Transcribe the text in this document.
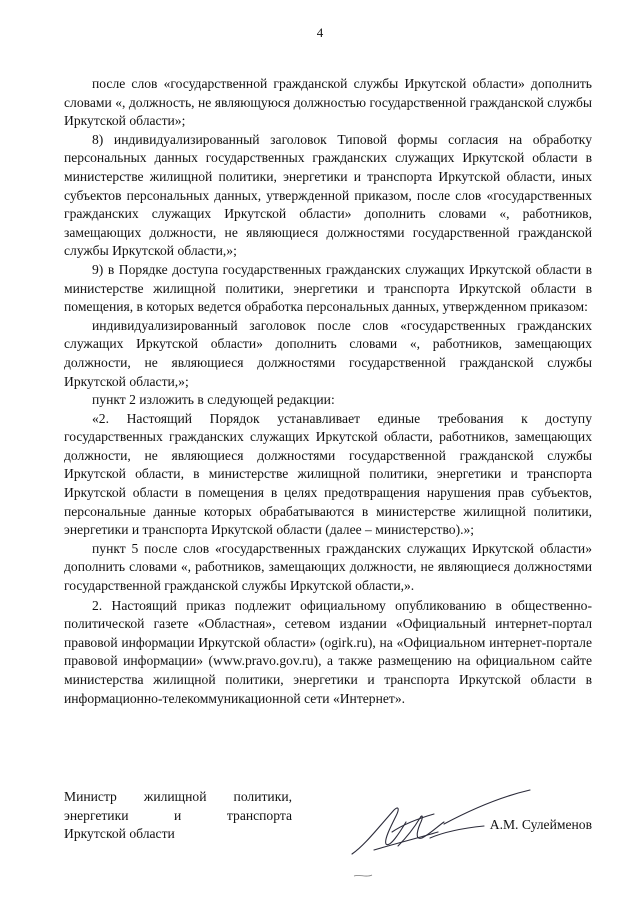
4

после слов «государственной гражданской службы Иркутской области» дополнить словами «, должность, не являющуюся должностью государственной гражданской службы Иркутской области»;

8) индивидуализированный заголовок Типовой формы согласия на обработку персональных данных государственных гражданских служащих Иркутской области в министерстве жилищной политики, энергетики и транспорта Иркутской области, иных субъектов персональных данных, утвержденной приказом, после слов «государственных гражданских служащих Иркутской области» дополнить словами «, работников, замещающих должности, не являющиеся должностями государственной гражданской службы Иркутской области,»;

9) в Порядке доступа государственных гражданских служащих Иркутской области в министерстве жилищной политики, энергетики и транспорта Иркутской области в помещения, в которых ведется обработка персональных данных, утвержденном приказом:

индивидуализированный заголовок после слов «государственных гражданских служащих Иркутской области» дополнить словами «, работников, замещающих должности, не являющиеся должностями государственной гражданской службы Иркутской области,»;

пункт 2 изложить в следующей редакции:

«2. Настоящий Порядок устанавливает единые требования к доступу государственных гражданских служащих Иркутской области, работников, замещающих должности, не являющиеся должностями государственной гражданской службы Иркутской области, в министерстве жилищной политики, энергетики и транспорта Иркутской области в помещения в целях предотвращения нарушения прав субъектов, персональные данные которых обрабатываются в министерстве жилищной политики, энергетики и транспорта Иркутской области (далее – министерство).»;

пункт 5 после слов «государственных гражданских служащих Иркутской области» дополнить словами «, работников, замещающих должности, не являющиеся должностями государственной гражданской службы Иркутской области,».

2. Настоящий приказ подлежит официальному опубликованию в общественно-политической газете «Областная», сетевом издании «Официальный интернет-портал правовой информации Иркутской области» (ogirk.ru), на «Официальном интернет-портале правовой информации» (www.pravo.gov.ru), а также размещению на официальном сайте министерства жилищной политики, энергетики и транспорта Иркутской области в информационно-телекоммуникационной сети «Интернет».

Министр жилищной политики,
энергетики и транспорта
Иркутской области
А.М. Сулейменов
